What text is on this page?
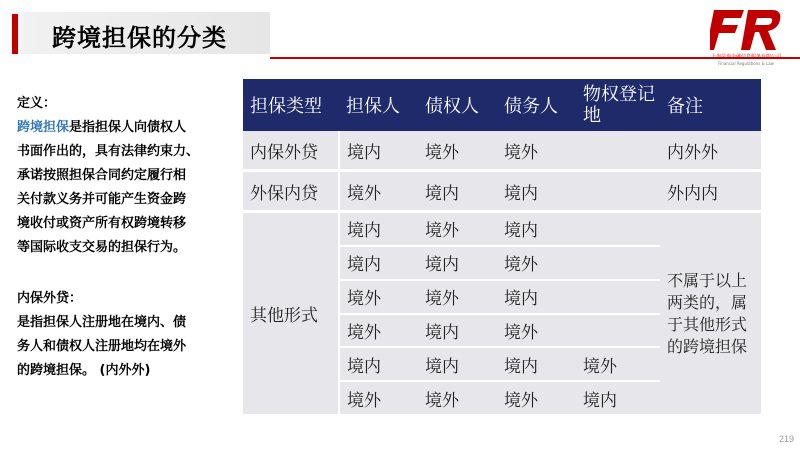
跨境担保的分类
上海法询金融信息服务有限公司
Financial Regulations & Law

定义：

跨境担保是指担保人向债权人

书面作出的，具有法律约束力、

承诺按照担保合同约定履行相

关付款义务并可能产生资金跨

境收付或资产所有权跨境转移

等国际收支交易的担保行为。

内保外贷：

是指担保人注册地在境内、债

务人和债权人注册地均在境外

的跨境担保。 (内外外)

担保类型	担保人	债权人	债务人	物权登记地	备注
内保外贷	境内	境外	境外		内外外
外保内贷	境外	境内	境内		外内内
其他形式	境内	境外	境内		不属于以上两类的，属于其他形式的跨境担保
	境内	境内	境外		
	境外	境外	境内		
	境外	境内	境外		
	境内	境内	境内	境外	
	境外	境外	境外	境内	
219
